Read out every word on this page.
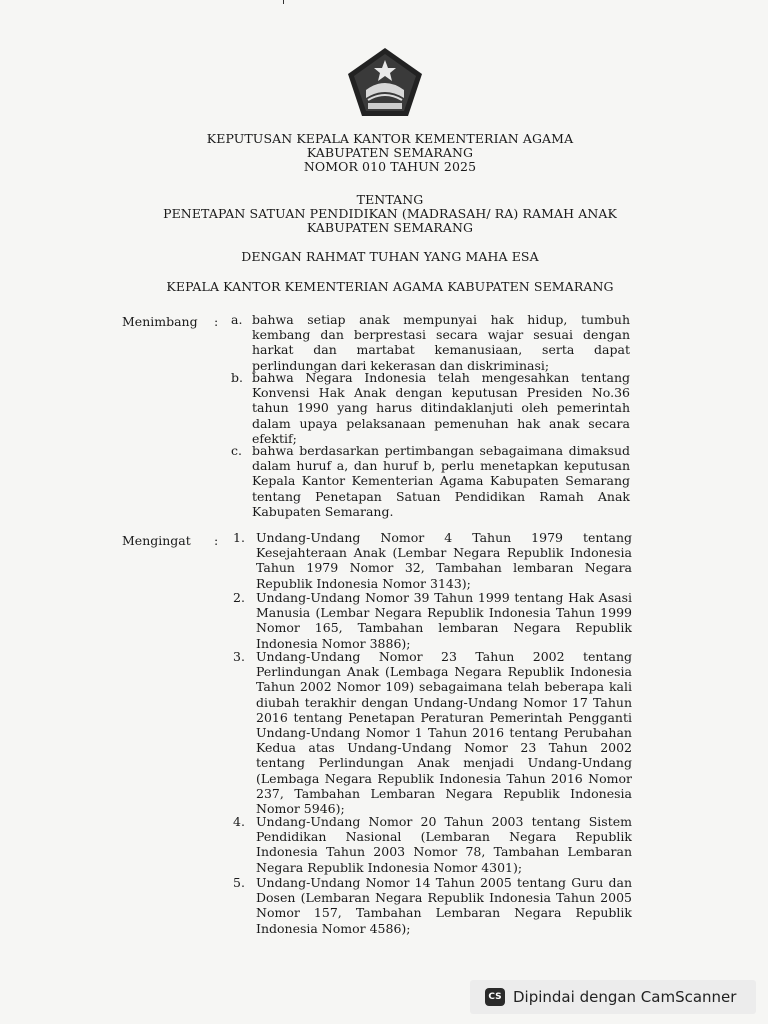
KEPUTUSAN KEPALA KANTOR KEMENTERIAN AGAMA
KABUPATEN SEMARANG
NOMOR 010 TAHUN 2025
TENTANG
PENETAPAN SATUAN PENDIDIKAN (MADRASAH/ RA) RAMAH ANAK
KABUPATEN SEMARANG
DENGAN RAHMAT TUHAN YANG MAHA ESA
KEPALA KANTOR KEMENTERIAN AGAMA KABUPATEN SEMARANG
Menimbang : a. bahwa setiap anak mempunyai hak hidup, tumbuh kembang dan berprestasi secara wajar sesuai dengan harkat dan martabat kemanusiaan, serta dapat perlindungan dari kekerasan dan diskriminasi;
b. bahwa Negara Indonesia telah mengesahkan tentang Konvensi Hak Anak dengan keputusan Presiden No.36 tahun 1990 yang harus ditindaklanjuti oleh pemerintah dalam upaya pelaksanaan pemenuhan hak anak secara efektif;
c. bahwa berdasarkan pertimbangan sebagaimana dimaksud dalam huruf a, dan huruf b, perlu menetapkan keputusan Kepala Kantor Kementerian Agama Kabupaten Semarang tentang Penetapan Satuan Pendidikan Ramah Anak Kabupaten Semarang.
Mengingat : 1. Undang-Undang Nomor 4 Tahun 1979 tentang Kesejahteraan Anak (Lembar Negara Republik Indonesia Tahun 1979 Nomor 32, Tambahan lembaran Negara Republik Indonesia Nomor 3143);
2. Undang-Undang Nomor 39 Tahun 1999 tentang Hak Asasi Manusia (Lembar Negara Republik Indonesia Tahun 1999 Nomor 165, Tambahan lembaran Negara Republik Indonesia Nomor 3886);
3. Undang-Undang Nomor 23 Tahun 2002 tentang Perlindungan Anak (Lembaga Negara Republik Indonesia Tahun 2002 Nomor 109) sebagaimana telah beberapa kali diubah terakhir dengan Undang-Undang Nomor 17 Tahun 2016 tentang Penetapan Peraturan Pemerintah Pengganti Undang-Undang Nomor 1 Tahun 2016 tentang Perubahan Kedua atas Undang-Undang Nomor 23 Tahun 2002 tentang Perlindungan Anak menjadi Undang-Undang (Lembaga Negara Republik Indonesia Tahun 2016 Nomor 237, Tambahan Lembaran Negara Republik Indonesia Nomor 5946);
4. Undang-Undang Nomor 20 Tahun 2003 tentang Sistem Pendidikan Nasional (Lembaran Negara Republik Indonesia Tahun 2003 Nomor 78, Tambahan Lembaran Negara Republik Indonesia Nomor 4301);
5. Undang-Undang Nomor 14 Tahun 2005 tentang Guru dan Dosen (Lembaran Negara Republik Indonesia Tahun 2005 Nomor 157, Tambahan Lembaran Negara Republik Indonesia Nomor 4586);
CS Dipindai dengan CamScanner
